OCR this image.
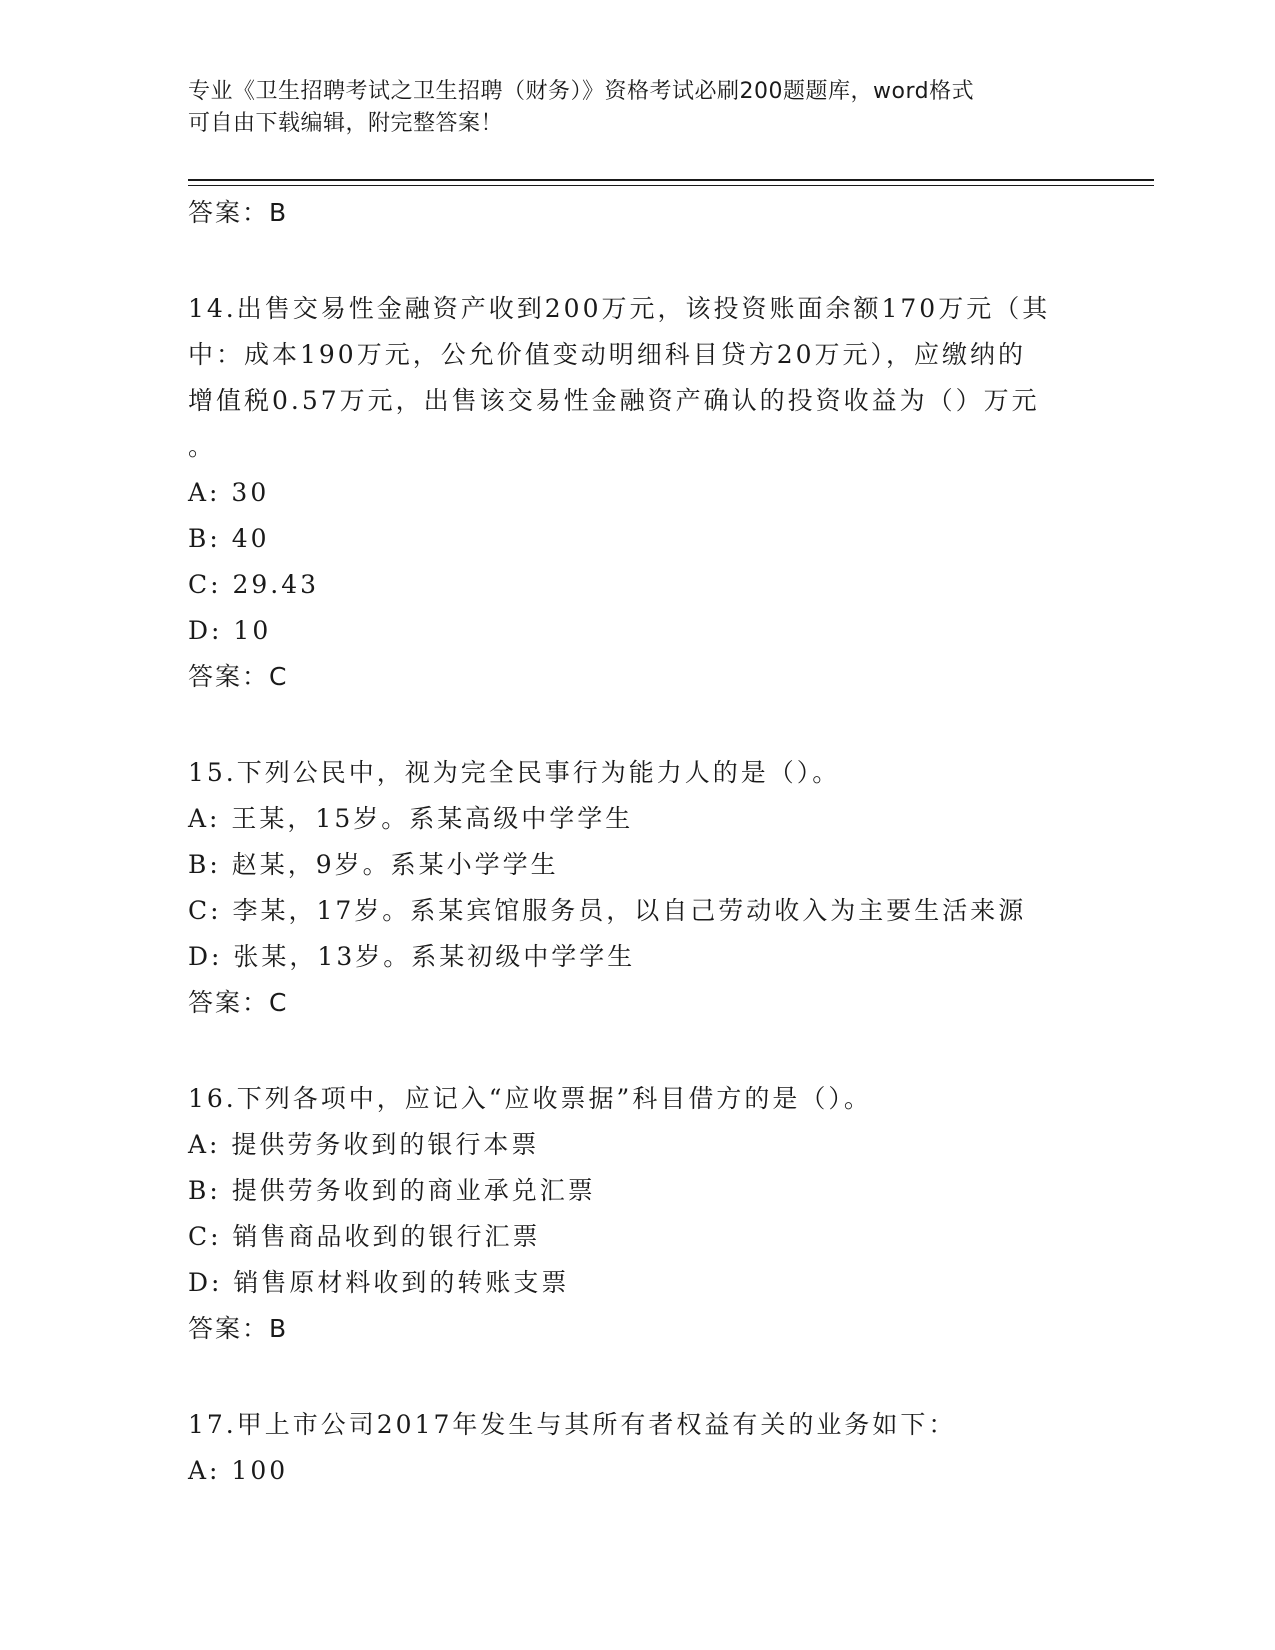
专业《卫生招聘考试之卫生招聘（财务）》资格考试必刷200题题库，word格式
可自由下载编辑，附完整答案！
答案：B
14.出售交易性金融资产收到200万元，该投资账面余额170万元（其
中：成本190万元，公允价值变动明细科目贷方20万元），应缴纳的
增值税0.57万元，出售该交易性金融资产确认的投资收益为（）万元
。
A: 30
B: 40
C: 29.43
D: 10
答案：C
15.下列公民中，视为完全民事行为能力人的是（）。
A: 王某，15岁。系某高级中学学生
B: 赵某，9岁。系某小学学生
C: 李某，17岁。系某宾馆服务员，以自己劳动收入为主要生活来源
D: 张某，13岁。系某初级中学学生
答案：C
16.下列各项中，应记入“应收票据”科目借方的是（）。
A: 提供劳务收到的银行本票
B: 提供劳务收到的商业承兑汇票
C: 销售商品收到的银行汇票
D: 销售原材料收到的转账支票
答案：B
17.甲上市公司2017年发生与其所有者权益有关的业务如下：
A: 100
